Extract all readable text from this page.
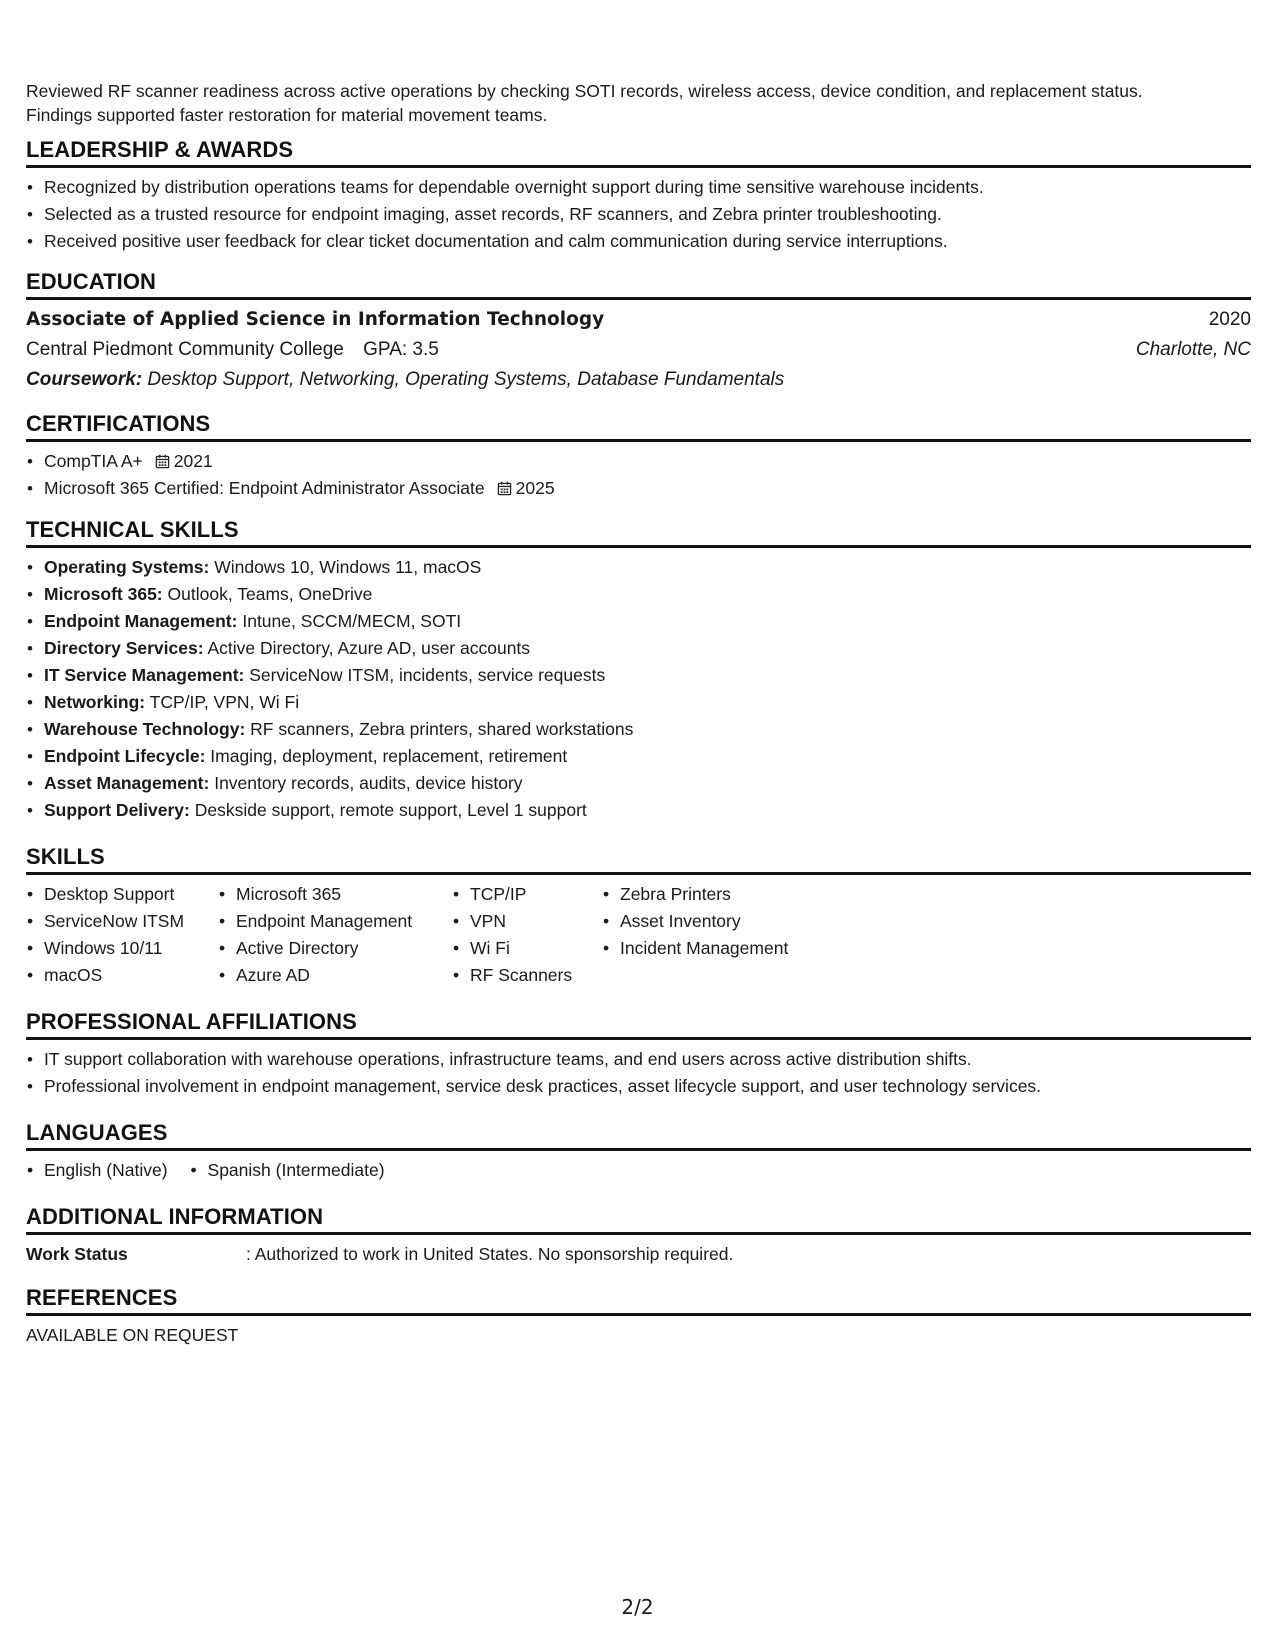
Reviewed RF scanner readiness across active operations by checking SOTI records, wireless access, device condition, and replacement status.
Findings supported faster restoration for material movement teams.
LEADERSHIP & AWARDS
• Recognized by distribution operations teams for dependable overnight support during time sensitive warehouse incidents.
• Selected as a trusted resource for endpoint imaging, asset records, RF scanners, and Zebra printer troubleshooting.
• Received positive user feedback for clear ticket documentation and calm communication during service interruptions.
EDUCATION
Associate of Applied Science in Information Technology	2020
Central Piedmont Community College GPA: 3.5	Charlotte, NC
Coursework: Desktop Support, Networking, Operating Systems, Database Fundamentals
CERTIFICATIONS
• CompTIA A+ 2021
• Microsoft 365 Certified: Endpoint Administrator Associate 2025
TECHNICAL SKILLS
• Operating Systems: Windows 10, Windows 11, macOS
• Microsoft 365: Outlook, Teams, OneDrive
• Endpoint Management: Intune, SCCM/MECM, SOTI
• Directory Services: Active Directory, Azure AD, user accounts
• IT Service Management: ServiceNow ITSM, incidents, service requests
• Networking: TCP/IP, VPN, Wi Fi
• Warehouse Technology: RF scanners, Zebra printers, shared workstations
• Endpoint Lifecycle: Imaging, deployment, replacement, retirement
• Asset Management: Inventory records, audits, device history
• Support Delivery: Deskside support, remote support, Level 1 support
SKILLS
• Desktop Support
• ServiceNow ITSM
• Windows 10/11
• macOS
• Microsoft 365
• Endpoint Management
• Active Directory
• Azure AD
• TCP/IP
• VPN
• Wi Fi
• RF Scanners
• Zebra Printers
• Asset Inventory
• Incident Management
PROFESSIONAL AFFILIATIONS
• IT support collaboration with warehouse operations, infrastructure teams, and end users across active distribution shifts.
• Professional involvement in endpoint management, service desk practices, asset lifecycle support, and user technology services.
LANGUAGES
• English (Native)
•	Spanish (Intermediate)
ADDITIONAL INFORMATION
Work Status	: Authorized to work in United States. No sponsorship required.
REFERENCES
AVAILABLE ON REQUEST
2/2
